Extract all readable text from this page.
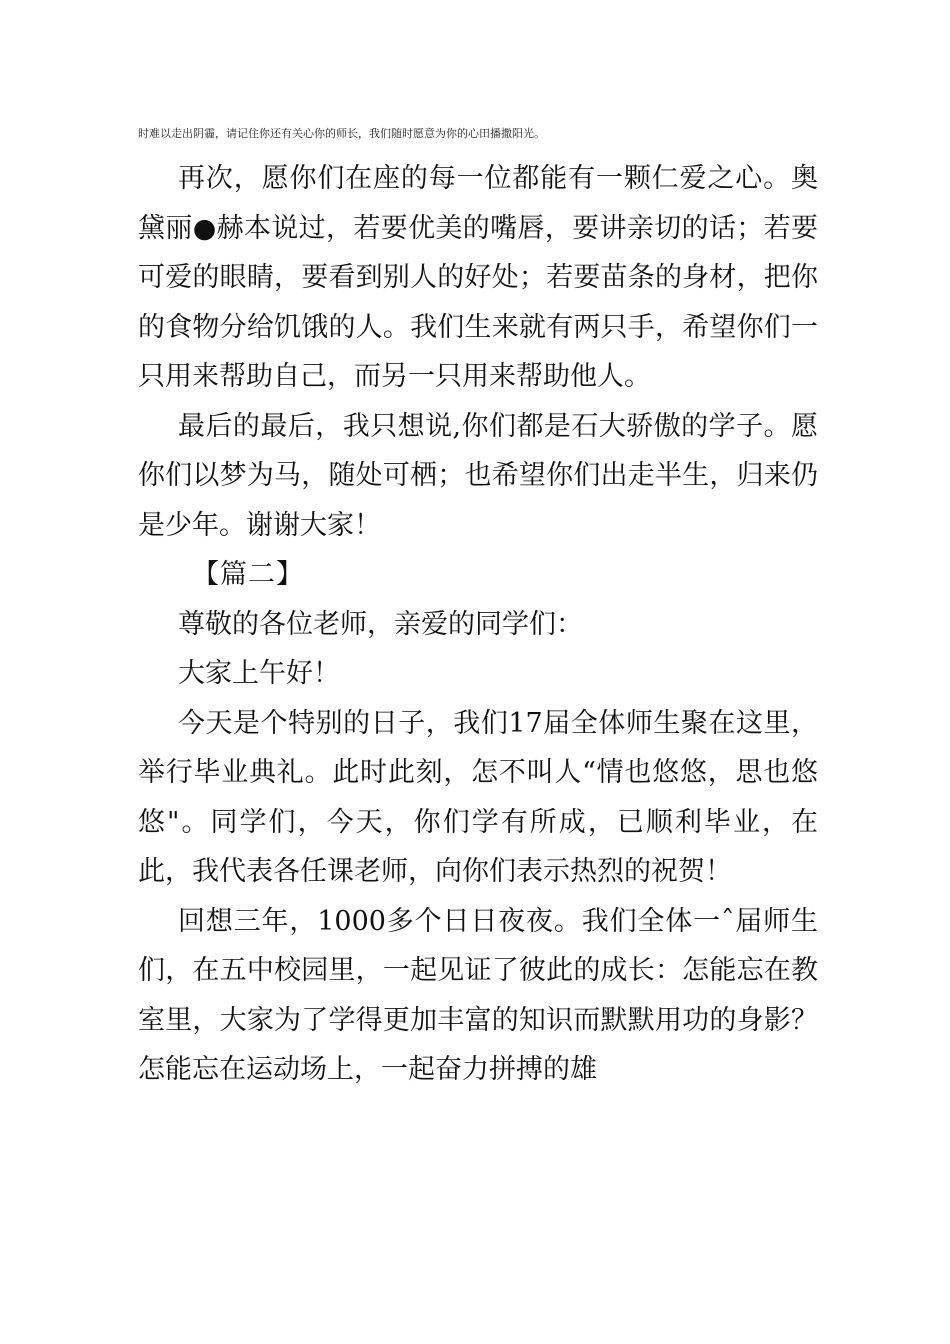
时难以走出阴霾，请记住你还有关心你的师长，我们随时愿意为你的心田播撒阳光。

再次，愿你们在座的每一位都能有一颗仁爱之心。奥黛丽●赫本说过，若要优美的嘴唇，要讲亲切的话；若要可爱的眼睛，要看到别人的好处；若要苗条的身材，把你的食物分给饥饿的人。我们生来就有两只手，希望你们一只用来帮助自己，而另一只用来帮助他人。

最后的最后，我只想说,你们都是石大骄傲的学子。愿你们以梦为马，随处可栖；也希望你们出走半生，归来仍是少年。谢谢大家！

【篇二】

尊敬的各位老师，亲爱的同学们：

大家上午好！

今天是个特别的日子，我们17届全体师生聚在这里，举行毕业典礼。此时此刻，怎不叫人“情也悠悠，思也悠悠"。同学们，今天，你们学有所成，已顺利毕业，在此，我代表各任课老师，向你们表示热烈的祝贺！

回想三年，1000多个日日夜夜。我们全体一ˆ届师生们，在五中校园里，一起见证了彼此的成长：怎能忘在教室里，大家为了学得更加丰富的知识而默默用功的身影？怎能忘在运动场上，一起奋力拼搏的雄
